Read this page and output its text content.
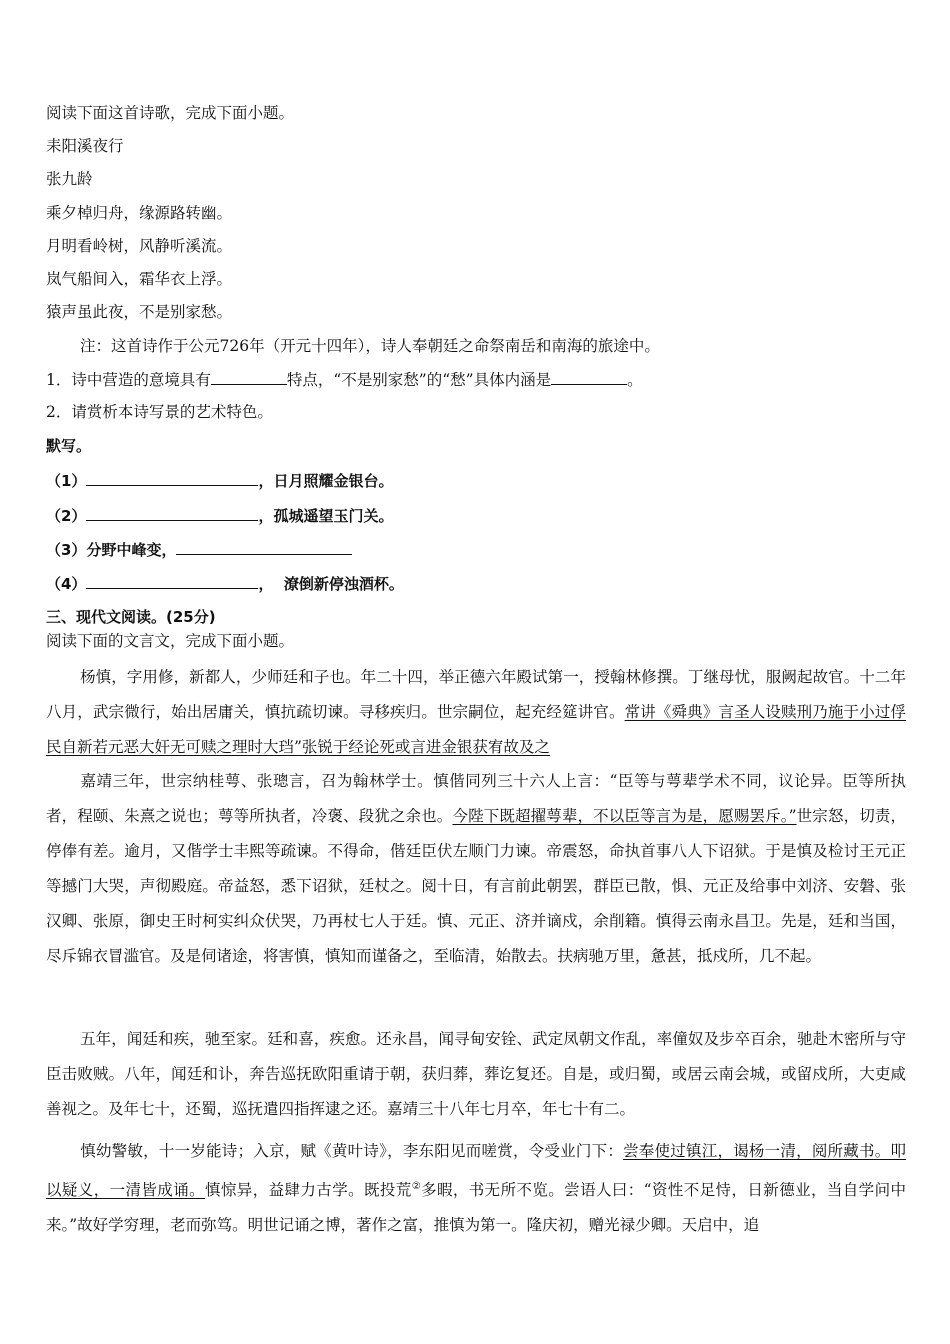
阅读下面这首诗歌，完成下面小题。
耒阳溪夜行
张九龄
乘夕棹归舟，缘源路转幽。
月明看岭树，风静听溪流。
岚气船间入，霜华衣上浮。
猿声虽此夜，不是别家愁。
注：这首诗作于公元726年（开元十四年），诗人奉朝廷之命祭南岳和南海的旅途中。
1．诗中营造的意境具有	特点，“不是别家愁”的“愁”具体内涵是	。
2．请赏析本诗写景的艺术特色。
默写。
（1）	，日月照耀金银台。
（2）	，孤城遥望玉门关。
（3）分野中峰变，
（4）	，  潦倒新停浊酒杯。
三、现代文阅读。(25分)
阅读下面的文言文，完成下面小题。
杨慎，字用修，新都人，少师廷和子也。年二十四，举正德六年殿试第一，授翰林修撰。丁继母忧，服阙起故官。十二年八月，武宗微行，始出居庸关，慎抗疏切谏。寻移疾归。世宗嗣位，起充经筵讲官。常讲《舜典》言圣人设赎刑乃施于小过俘民自新若元恶大奸无可赎之理时大珰”张锐于经论死或言进金银获宥故及之
嘉靖三年，世宗纳桂萼、张璁言，召为翰林学士。慎偕同列三十六人上言：“臣等与萼辈学术不同，议论异。臣等所执者，程颐、朱熹之说也；萼等所执者，冷褒、段犹之余也。今陛下既超擢萼辈，不以臣等言为是，愿赐罢斥。”世宗怒，切责，停俸有差。逾月，又偕学士丰熙等疏谏。不得命，偕廷臣伏左顺门力谏。帝震怒，命执首事八人下诏狱。于是慎及检讨王元正等撼门大哭，声彻殿庭。帝益怒，悉下诏狱，廷杖之。阅十日，有言前此朝罢，群臣已散，惧、元正及给事中刘济、安磐、张汉卿、张原，御史王时柯实纠众伏哭，乃再杖七人于廷。慎、元正、济并谪戍，余削籍。慎得云南永昌卫。先是，廷和当国，尽斥锦衣冒滥官。及是伺诸途，将害慎，慎知而谨备之，至临清，始散去。扶病驰万里，惫甚，抵戍所，几不起。
五年，闻廷和疾，驰至家。廷和喜，疾愈。还永昌，闻寻甸安铨、武定凤朝文作乱，率僮奴及步卒百余，驰赴木密所与守臣击败贼。八年，闻廷和讣，奔告巡抚欧阳重请于朝，获归葬，葬讫复还。自是，或归蜀，或居云南会城，或留戍所，大吏咸善视之。及年七十，还蜀，巡抚遣四指挥逮之还。嘉靖三十八年七月卒，年七十有二。
慎幼警敏，十一岁能诗；入京，赋《黄叶诗》，李东阳见而嗟赏，令受业门下：尝奉使过镇江，谒杨一清，阅所藏书。叩以疑义，一清皆成诵。慎惊异，益肆力古学。既投荒②多暇，书无所不览。尝语人曰：“资性不足恃，日新德业，当自学问中来。”故好学穷理，老而弥笃。明世记诵之博，著作之富，推慎为第一。隆庆初，赠光禄少卿。天启中，追
